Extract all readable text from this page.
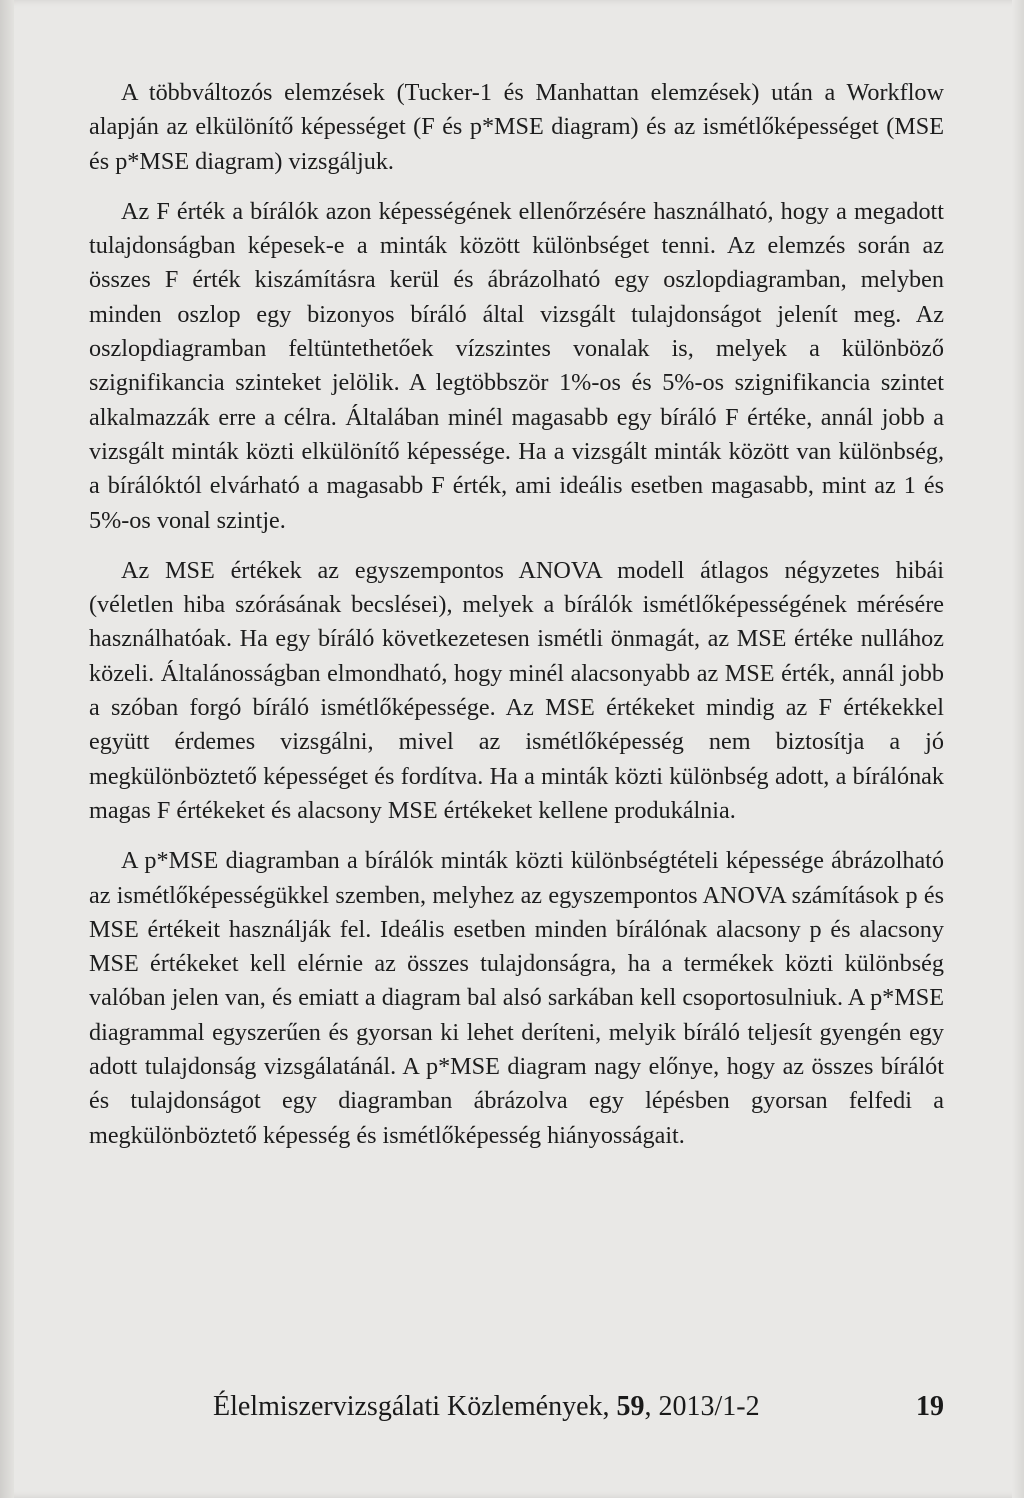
A többváltozós elemzések (Tucker-1 és Manhattan elemzések) után a Workflow alapján az elkülönítő képességet (F és p*MSE diagram) és az ismétlőképességet (MSE és p*MSE diagram) vizsgáljuk.

Az F érték a bírálók azon képességének ellenőrzésére használható, hogy a megadott tulajdonságban képesek-e a minták között különbséget tenni. Az elemzés során az összes F érték kiszámításra kerül és ábrázolható egy oszlopdiagramban, melyben minden oszlop egy bizonyos bíráló által vizsgált tulajdonságot jelenít meg. Az oszlopdiagramban feltüntethetőek vízszintes vonalak is, melyek a különböző szignifikancia szinteket jelölik. A legtöbbször 1%-os és 5%-os szignifikancia szintet alkalmazzák erre a célra. Általában minél magasabb egy bíráló F értéke, annál jobb a vizsgált minták közti elkülönítő képessége. Ha a vizsgált minták között van különbség, a bírálóktól elvárható a magasabb F érték, ami ideális esetben magasabb, mint az 1 és 5%-os vonal szintje.

Az MSE értékek az egyszempontos ANOVA modell átlagos négyzetes hibái (véletlen hiba szórásának becslései), melyek a bírálók ismétlőképességének mérésére használhatóak. Ha egy bíráló következetesen ismétli önmagát, az MSE értéke nullához közeli. Általánosságban elmondható, hogy minél alacsonyabb az MSE érték, annál jobb a szóban forgó bíráló ismétlőképessége. Az MSE értékeket mindig az F értékekkel együtt érdemes vizsgálni, mivel az ismétlőképesség nem biztosítja a jó megkülönböztető képességet és fordítva. Ha a minták közti különbség adott, a bírálónak magas F értékeket és alacsony MSE értékeket kellene produkálnia.

A p*MSE diagramban a bírálók minták közti különbségtételi képessége ábrázolható az ismétlőképességükkel szemben, melyhez az egyszempontos ANOVA számítások p és MSE értékeit használják fel. Ideális esetben minden bírálónak alacsony p és alacsony MSE értékeket kell elérnie az összes tulajdonságra, ha a termékek közti különbség valóban jelen van, és emiatt a diagram bal alsó sarkában kell csoportosulniuk. A p*MSE diagrammal egyszerűen és gyorsan ki lehet deríteni, melyik bíráló teljesít gyengén egy adott tulajdonság vizsgálatánál. A p*MSE diagram nagy előnye, hogy az összes bírálót és tulajdonságot egy diagramban ábrázolva egy lépésben gyorsan felfedi a megkülönböztető képesség és ismétlőképesség hiányosságait.

Élelmiszervizsgálati Közlemények, 59, 2013/1-2	19
